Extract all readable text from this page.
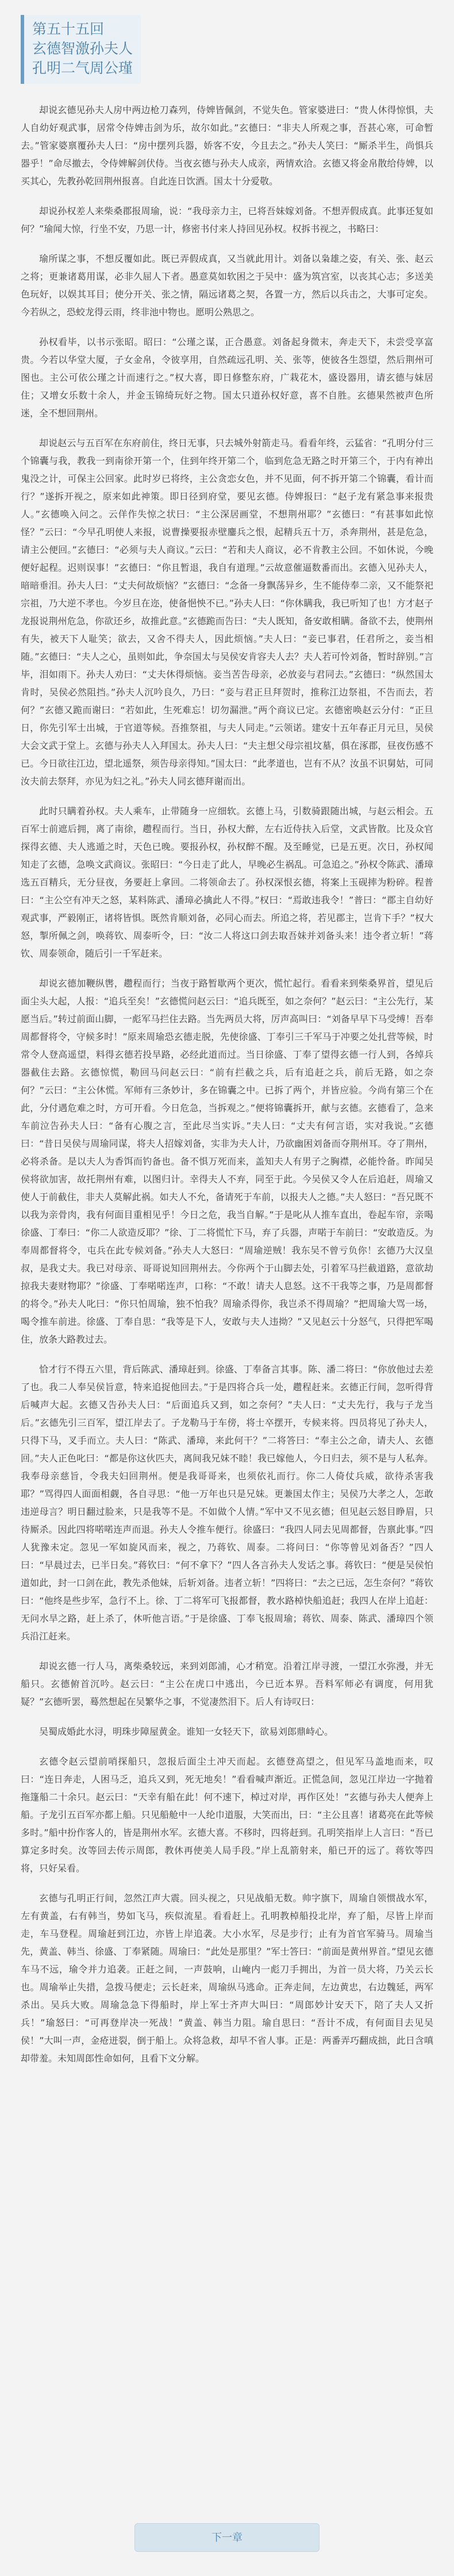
第五十五回
玄德智激孙夫人
孔明二气周公瑾

却说玄德见孙夫人房中两边枪刀森列，侍婢皆佩剑，不觉失色。管家婆进曰：“贵人休得惊惧，夫人自幼好观武事，居常令侍婢击剑为乐，故尔如此。”玄德曰：“非夫人所观之事，吾甚心寒，可命暂去。”管家婆禀覆孙夫人曰：“房中摆列兵器，娇客不安，今且去之。”孙夫人笑曰：“厮杀半生，尚惧兵器乎！”命尽撤去，令侍婢解剑伏侍。当夜玄德与孙夫人成亲，两情欢洽。玄德又将金帛散给侍婢，以买其心，先教孙乾回荆州报喜。自此连日饮酒。国太十分爱敬。

却说孙权差人来柴桑郡报周瑜，说：“我母亲力主，已将吾妹嫁刘备。不想弄假成真。此事还复如何？”瑜闻大惊，行坐不安，乃思一计，修密书付来人持回见孙权。权拆书视之，书略曰：

瑜所谋之事，不想反覆如此。既已弄假成真，又当就此用计。刘备以枭雄之姿，有关、张、赵云之将；更兼诸葛用谋，必非久屈人下者。愚意莫如软困之于吴中：盛为筑宫室，以丧其心志；多送美色玩好，以娱其耳目；使分开关、张之情，隔远诸葛之契，各置一方，然后以兵击之，大事可定矣。今若纵之，恐蛟龙得云雨，终非池中物也。愿明公熟思之。

孙权看毕，以书示张昭。昭曰：“公瑾之谋，正合愚意。刘备起身微末，奔走天下，未尝受享富贵。今若以华堂大厦，子女金帛，令彼享用，自然疏远孔明、关、张等，使彼各生怨望，然后荆州可图也。主公可依公瑾之计而速行之。”权大喜，即日修整东府，广栽花木，盛设器用，请玄德与妹居住；又增女乐数十余人，并金玉锦绮玩好之物。国太只道孙权好意，喜不自胜。玄德果然被声色所迷，全不想回荆州。

却说赵云与五百军在东府前住，终日无事，只去城外射箭走马。看看年终，云猛省：“孔明分付三个锦囊与我，教我一到南徐开第一个，住到年终开第二个，临到危急无路之时开第三个，于内有神出鬼没之计，可保主公回家。此时岁已将终，主公贪恋女色，并不见面，何不拆开第二个锦囊，看计而行？”遂拆开视之，原来如此神策。即日径到府堂，要见玄德。侍婢报曰：“赵子龙有紧急事来报贵人。”玄德唤入问之。云佯作失惊之状曰：“主公深居画堂，不想荆州耶？”玄德曰：“有甚事如此惊怪？”云曰：“今早孔明使人来报，说曹操要报赤壁鏖兵之恨，起精兵五十万，杀奔荆州，甚是危急，请主公便回。”玄德曰：“必须与夫人商议。”云曰：“若和夫人商议，必不肯教主公回。不如休说，今晚便好起程。迟则误事！”玄德曰：“你且暂退，我自有道理。”云故意催逼数番而出。玄德入见孙夫人，暗暗垂泪。孙夫人曰：“丈夫何故烦恼？”玄德曰：“念备一身飘荡异乡，生不能侍奉二亲，又不能祭祀宗祖，乃大逆不孝也。今岁旦在迩，使备悒怏不已。”孙夫人曰：“你休瞒我，我已听知了也！方才赵子龙报说荆州危急，你欲还乡，故推此意。”玄德跪而告曰：“夫人既知，备安敢相瞒。备欲不去，使荆州有失，被天下人耻笑；欲去，又舍不得夫人，因此烦恼。”夫人曰：“妾已事君，任君所之，妾当相随。”玄德曰：“夫人之心，虽则如此，争奈国太与吴侯安肯容夫人去？夫人若可怜刘备，暂时辞别。”言毕，泪如雨下。孙夫人劝曰：“丈夫休得烦恼。妾当苦告母亲，必放妾与君同去。”玄德曰：“纵然国太肯时，吴侯必然阻挡。”孙夫人沉吟良久，乃曰：“妾与君正旦拜贺时，推称江边祭祖，不告而去，若何？”玄德又跪而谢曰：“若如此，生死难忘！切勿漏泄。”两个商议已定。玄德密唤赵云分付：“正旦日，你先引军士出城，于官道等候。吾推祭祖，与夫人同走。”云领诺。建安十五年春正月元旦，吴侯大会文武于堂上。玄德与孙夫人入拜国太。孙夫人曰：“夫主想父母宗祖坟墓，俱在涿郡，昼夜伤感不已。今日欲往江边，望北遥祭，须告母亲得知。”国太曰：“此孝道也，岂有不从？汝虽不识舅姑，可同汝夫前去祭拜，亦见为妇之礼。”孙夫人同玄德拜谢而出。

此时只瞒着孙权。夫人乘车，止带随身一应细软。玄德上马，引数骑跟随出城，与赵云相会。五百军士前遮后拥，离了南徐，趱程而行。当日，孙权大醉，左右近侍扶入后堂，文武皆散。比及众官探得玄德、夫人逃遁之时，天色已晚。要报孙权，孙权醉不醒。及至睡觉，已是五更。次日，孙权闻知走了玄德，急唤文武商议。张昭曰：“今日走了此人，早晚必生祸乱。可急追之。”孙权令陈武、潘璋选五百精兵，无分昼夜，务要赶上拿回。二将领命去了。孙权深恨玄德，将案上玉砚摔为粉碎。程普曰：“主公空有冲天之怒，某料陈武、潘璋必擒此人不得。”权曰：“焉敢违我令！”普曰：“郡主自幼好观武事，严毅刚正，诸将皆惧。既然肯顺刘备，必同心而去。所追之将，若见郡主，岂肯下手？”权大怒，掣所佩之剑，唤蒋钦、周泰听令，曰：“汝二人将这口剑去取吾妹并刘备头来！违令者立斩！”蒋钦、周泰领命，随后引一千军赶来。

却说玄德加鞭纵辔，趱程而行；当夜于路暂歇两个更次，慌忙起行。看看来到柴桑界首，望见后面尘头大起，人报：“追兵至矣！”玄德慌问赵云曰：“追兵既至，如之奈何？”赵云曰：“主公先行，某愿当后。”转过前面山脚，一彪军马拦住去路。当先两员大将，厉声高叫曰：“刘备早早下马受缚！吾奉周都督将令，守候多时！”原来周瑜恐玄德走脱，先使徐盛、丁奉引三千军马于冲要之处扎营等候，时常令人登高遥望，料得玄德若投旱路，必经此道而过。当日徐盛、丁奉了望得玄德一行人到，各绰兵器截住去路。玄德惊慌，勒回马问赵云曰：“前有拦截之兵，后有追赶之兵，前后无路，如之奈何？”云曰：“主公休慌。军师有三条妙计，多在锦囊之中。已拆了两个，并皆应验。今尚有第三个在此，分付遇危难之时，方可开看。今日危急，当拆观之。”便将锦囊拆开，献与玄德。玄德看了，急来车前泣告孙夫人曰：“备有心腹之言，至此尽当实诉。”夫人曰：“丈夫有何言语，实对我说。”玄德曰：“昔日吴侯与周瑜同谋，将夫人招嫁刘备，实非为夫人计，乃欲幽困刘备而夺荆州耳。夺了荆州，必将杀备。是以夫人为香饵而钓备也。备不惧万死而来，盖知夫人有男子之胸襟，必能怜备。昨闻吴侯将欲加害，故托荆州有难，以图归计。幸得夫人不弃，同至于此。今吴侯又令人在后追赶，周瑜又使人于前截住，非夫人莫解此祸。如夫人不允，备请死于车前，以报夫人之德。”夫人怒曰：“吾兄既不以我为亲骨肉，我有何面目重相见乎！今日之危，我当自解。”于是叱从人推车直出，卷起车帘，亲喝徐盛、丁奉曰：“你二人欲造反耶？”徐、丁二将慌忙下马，弃了兵器，声喏于车前曰：“安敢造反。为奉周都督将令，屯兵在此专候刘备。”孙夫人大怒曰：“周瑜逆贼！我东吴不曾亏负你！玄德乃大汉皇叔，是我丈夫。我已对母亲、哥哥说知回荆州去。今你两个于山脚去处，引着军马拦截道路，意欲劫掠我夫妻财物耶？”徐盛、丁奉喏喏连声，口称：“不敢！请夫人息怒。这不干我等之事，乃是周都督的将令。”孙夫人叱曰：“你只怕周瑜，独不怕我？周瑜杀得你，我岂杀不得周瑜？”把周瑜大骂一场，喝令推车前进。徐盛、丁奉自思：“我等是下人，安敢与夫人违拗？”又见赵云十分怒气，只得把军喝住，放条大路教过去。

恰才行不得五六里，背后陈武、潘璋赶到。徐盛、丁奉备言其事。陈、潘二将曰：“你放他过去差了也。我二人奉吴侯旨意，特来追捉他回去。”于是四将合兵一处，趱程赶来。玄德正行间，忽听得背后喊声大起。玄德又告孙夫人曰：“后面追兵又到，如之奈何？”夫人曰：“丈夫先行，我与子龙当后。”玄德先引三百军，望江岸去了。子龙勒马于车傍，将士卒摆开，专候来将。四员将见了孙夫人，只得下马，叉手而立。夫人曰：“陈武、潘璋，来此何干？”二将答曰：“奉主公之命，请夫人、玄德回。”夫人正色叱曰：“都是你这伙匹夫，离间我兄妹不睦！我已嫁他人，今日归去，须不是与人私奔。我奉母亲慈旨，令我夫妇回荆州。便是我哥哥来，也须依礼而行。你二人倚仗兵威，欲待杀害我耶？”骂得四人面面相觑，各自寻思：“他一万年也只是兄妹。更兼国太作主；吴侯乃大孝之人，怎敢违逆母言？明日翻过脸来，只是我等不是。不如做个人情。”军中又不见玄德；但见赵云怒目睁眉，只待厮杀。因此四将喏喏连声而退。孙夫人令推车便行。徐盛曰：“我四人同去见周都督，告禀此事。”四人犹豫未定。忽见一军如旋风而来，视之，乃蒋钦、周泰。二将问曰：“你等曾见刘备否？”四人曰：“早晨过去，已半日矣。”蒋钦曰：“何不拿下？”四人各言孙夫人发话之事。蒋钦曰：“便是吴侯怕道如此，封一口剑在此，教先杀他妹，后斩刘备。违者立斩！”四将曰：“去之已远，怎生奈何？”蒋钦曰：“他终是些步军，急行不上。徐、丁二将军可飞报都督，教水路棹快船追赶；我四人在岸上追赶：无问水旱之路，赶上杀了，休听他言语。”于是徐盛、丁奉飞报周瑜；蒋钦、周泰、陈武、潘璋四个领兵沿江赶来。

却说玄德一行人马，离柴桑较远，来到刘郎浦，心才稍宽。沿着江岸寻渡，一望江水弥漫，并无船只。玄德俯首沉吟。赵云曰：“主公在虎口中逃出，今已近本界。吾料军师必有调度，何用犹疑？”玄德听罢，蓦然想起在吴繁华之事，不觉凄然泪下。后人有诗叹曰：

吴蜀成婚此水浔，明珠步障屋黄金。谁知一女轻天下，欲易刘郎鼎峙心。

玄德令赵云望前哨探船只，忽报后面尘土冲天而起。玄德登高望之，但见军马盖地而来，叹曰：“连日奔走，人困马乏，追兵又到，死无地矣！”看看喊声渐近。正慌急间，忽见江岸边一字抛着拖篷船二十余只。赵云曰：“天幸有船在此！何不速下，棹过对岸，再作区处！”玄德与孙夫人便奔上船。子龙引五百军亦都上船。只见船舱中一人纶巾道服，大笑而出，曰：“主公且喜！诸葛亮在此等候多时。”船中扮作客人的，皆是荆州水军。玄德大喜。不移时，四将赶到。孔明笑指岸上人言曰：“吾已算定多时矣。汝等回去传示周郎，教休再使美人局手段。”岸上乱箭射来，船已开的远了。蒋钦等四将，只好呆看。

玄德与孔明正行间，忽然江声大震。回头视之，只见战船无数。帅字旗下，周瑜自领惯战水军，左有黄盖，右有韩当，势如飞马，疾似流星。看看赶上。孔明教棹船投北岸，弃了船，尽皆上岸而走，车马登程。周瑜赶到江边，亦皆上岸追袭。大小水军，尽是步行；止有为首官军骑马。周瑜当先，黄盖、韩当、徐盛、丁奉紧随。周瑜曰：“此处是那里？”军士答曰：“前面是黄州界首。”望见玄德车马不远，瑜令并力追袭。正赶之间，一声鼓响，山崦内一彪刀手拥出，为首一员大将，乃关云长也。周瑜举止失措，急拨马便走；云长赶来，周瑜纵马逃命。正奔走间，左边黄忠，右边魏延，两军杀出。吴兵大败。周瑜急急下得船时，岸上军士齐声大叫曰：“周郎妙计安天下，陪了夫人又折兵！”瑜怒曰：“可再登岸决一死战！”黄盖、韩当力阻。瑜自思曰：“吾计不成，有何面目去见吴侯！”大叫一声，金疮迸裂，倒于船上。众将急救，却早不省人事。正是：两番弄巧翻成拙，此日含嗔却带羞。未知周郎性命如何，且看下文分解。

下一章
